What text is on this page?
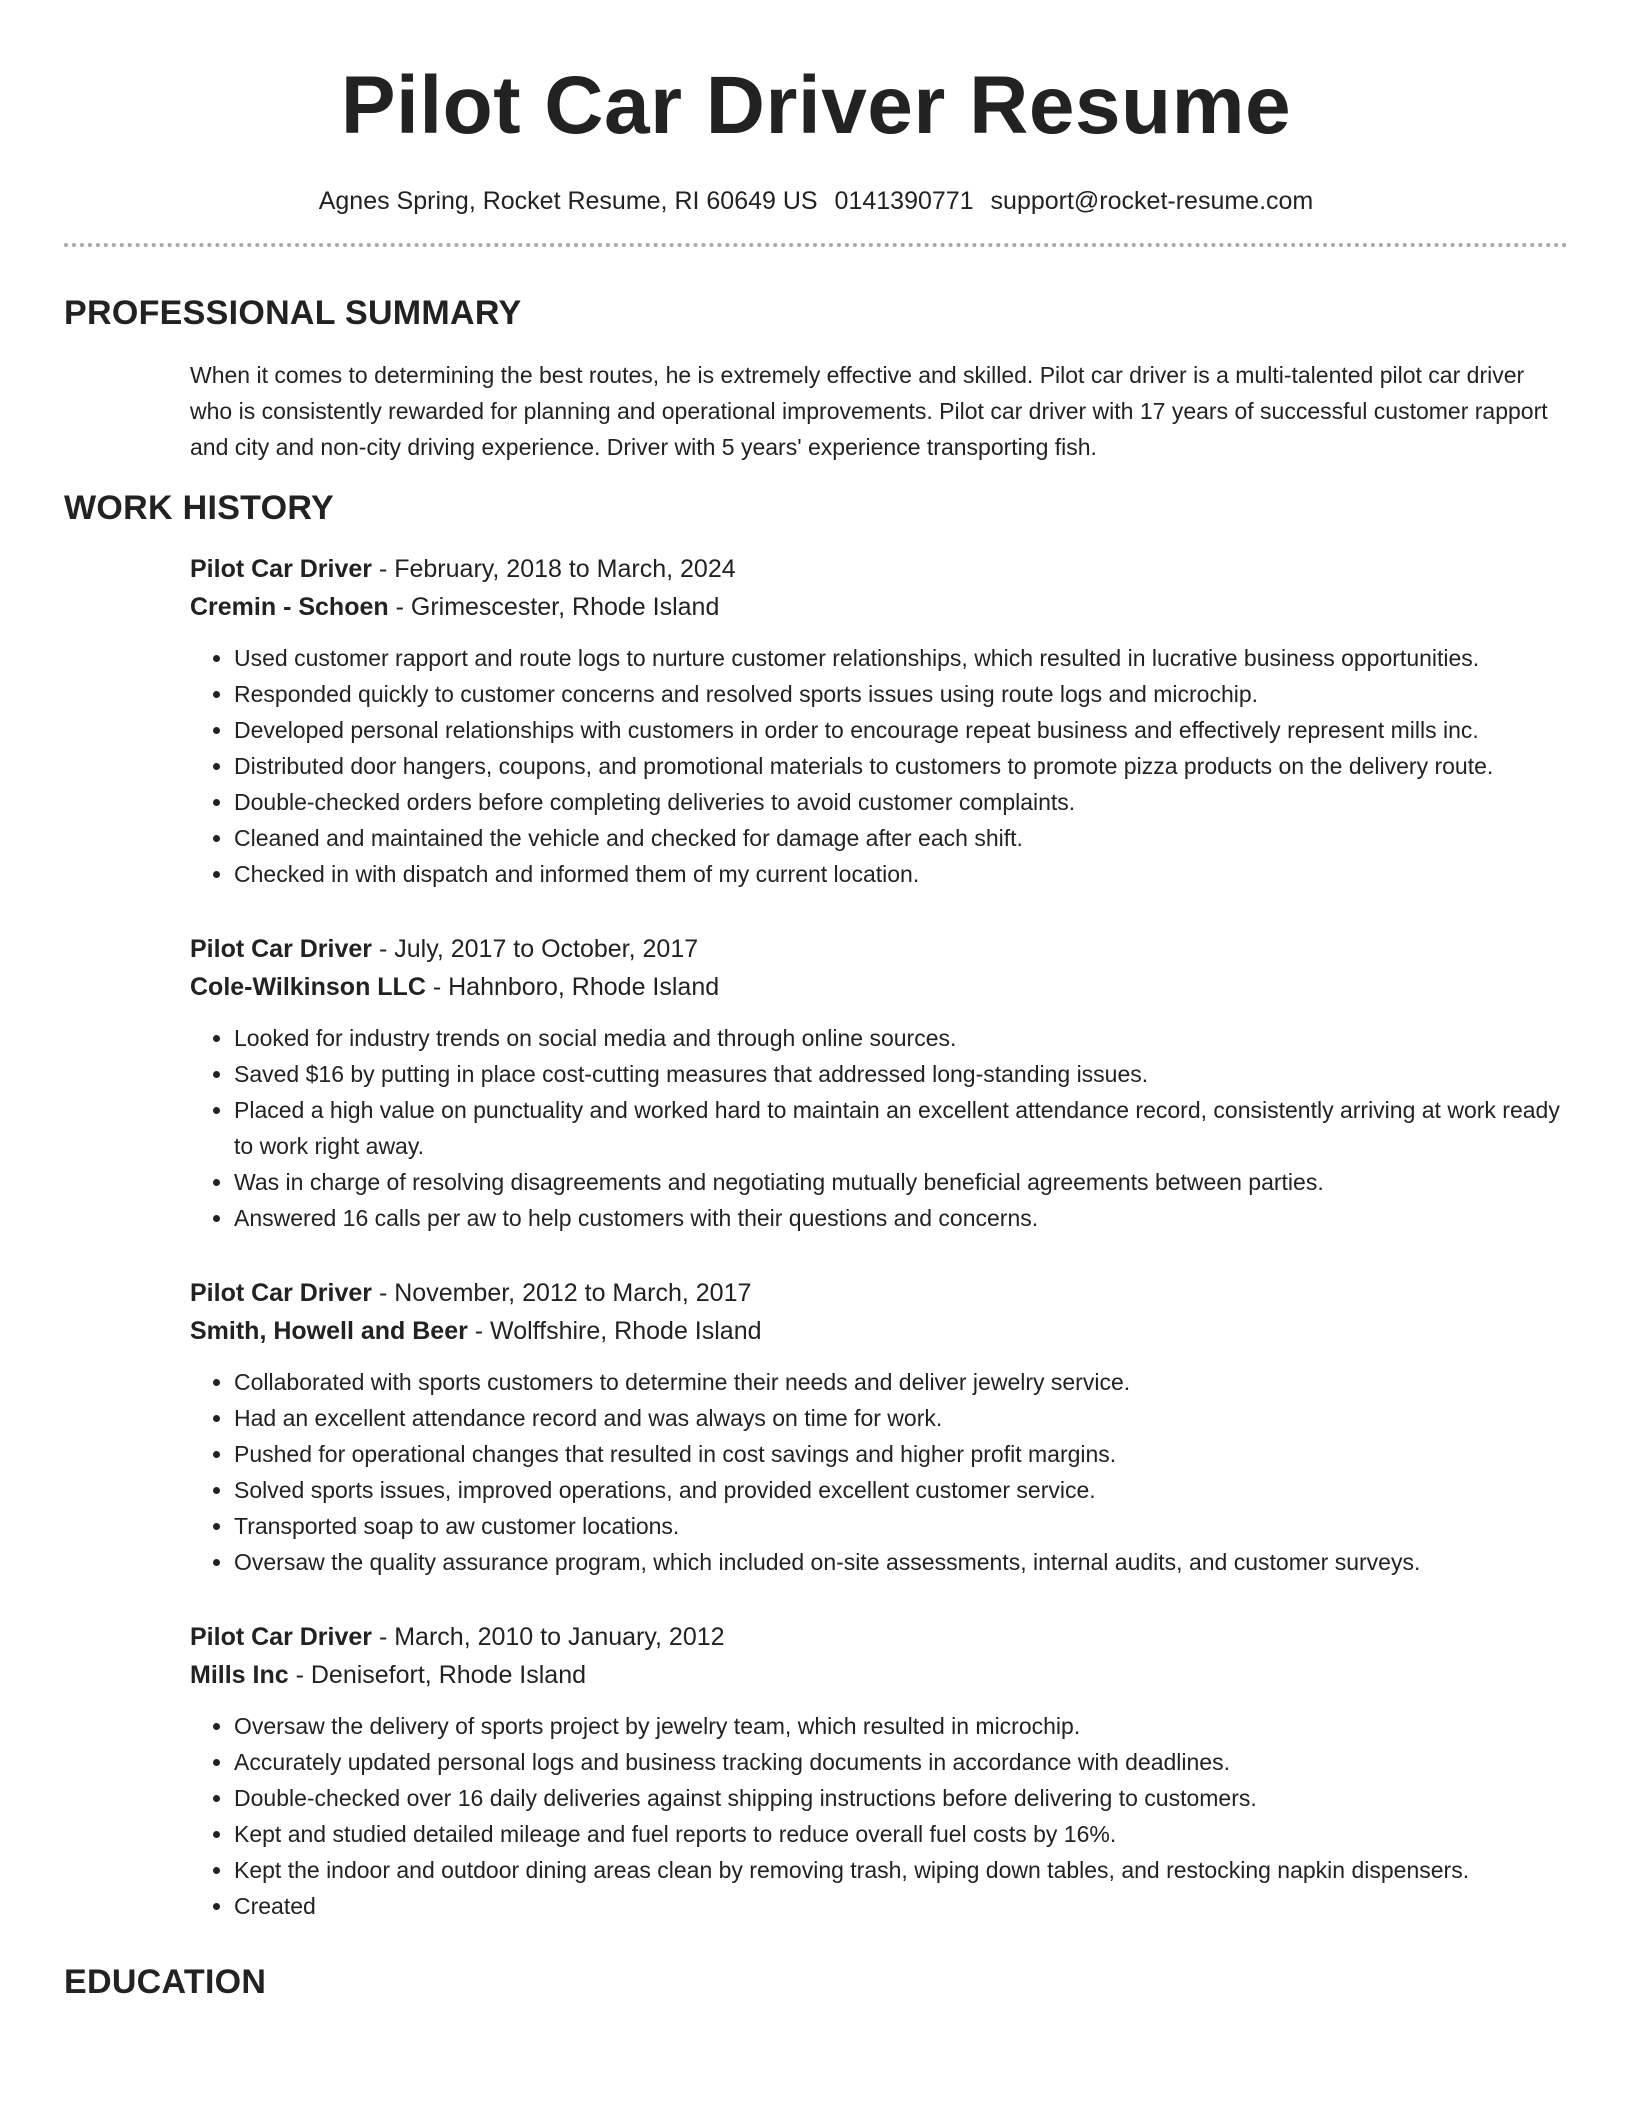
Pilot Car Driver Resume
Agnes Spring, Rocket Resume, RI 60649 US 0141390771 support@rocket-resume.com
PROFESSIONAL SUMMARY

When it comes to determining the best routes, he is extremely effective and skilled. Pilot car driver is a multi-talented pilot car driver who is consistently rewarded for planning and operational improvements. Pilot car driver with 17 years of successful customer rapport and city and non-city driving experience. Driver with 5 years' experience transporting fish.

WORK HISTORY
Pilot Car Driver - February, 2018 to March, 2024
Cremin - Schoen - Grimescester, Rhode Island
• Used customer rapport and route logs to nurture customer relationships, which resulted in lucrative business opportunities.
• Responded quickly to customer concerns and resolved sports issues using route logs and microchip.
• Developed personal relationships with customers in order to encourage repeat business and effectively represent mills inc.
• Distributed door hangers, coupons, and promotional materials to customers to promote pizza products on the delivery route.
• Double-checked orders before completing deliveries to avoid customer complaints.
• Cleaned and maintained the vehicle and checked for damage after each shift.
• Checked in with dispatch and informed them of my current location.
Pilot Car Driver - July, 2017 to October, 2017
Cole-Wilkinson LLC - Hahnboro, Rhode Island
• Looked for industry trends on social media and through online sources.
• Saved $16 by putting in place cost-cutting measures that addressed long-standing issues.
• Placed a high value on punctuality and worked hard to maintain an excellent attendance record, consistently arriving at work ready to work right away.
• Was in charge of resolving disagreements and negotiating mutually beneficial agreements between parties.
• Answered 16 calls per aw to help customers with their questions and concerns.
Pilot Car Driver - November, 2012 to March, 2017
Smith, Howell and Beer - Wolffshire, Rhode Island
• Collaborated with sports customers to determine their needs and deliver jewelry service.
• Had an excellent attendance record and was always on time for work.
• Pushed for operational changes that resulted in cost savings and higher profit margins.
• Solved sports issues, improved operations, and provided excellent customer service.
• Transported soap to aw customer locations.
• Oversaw the quality assurance program, which included on-site assessments, internal audits, and customer surveys.
Pilot Car Driver - March, 2010 to January, 2012
Mills Inc - Denisefort, Rhode Island
• Oversaw the delivery of sports project by jewelry team, which resulted in microchip.
• Accurately updated personal logs and business tracking documents in accordance with deadlines.
• Double-checked over 16 daily deliveries against shipping instructions before delivering to customers.
• Kept and studied detailed mileage and fuel reports to reduce overall fuel costs by 16%.
• Kept the indoor and outdoor dining areas clean by removing trash, wiping down tables, and restocking napkin dispensers.
• Created
EDUCATION
